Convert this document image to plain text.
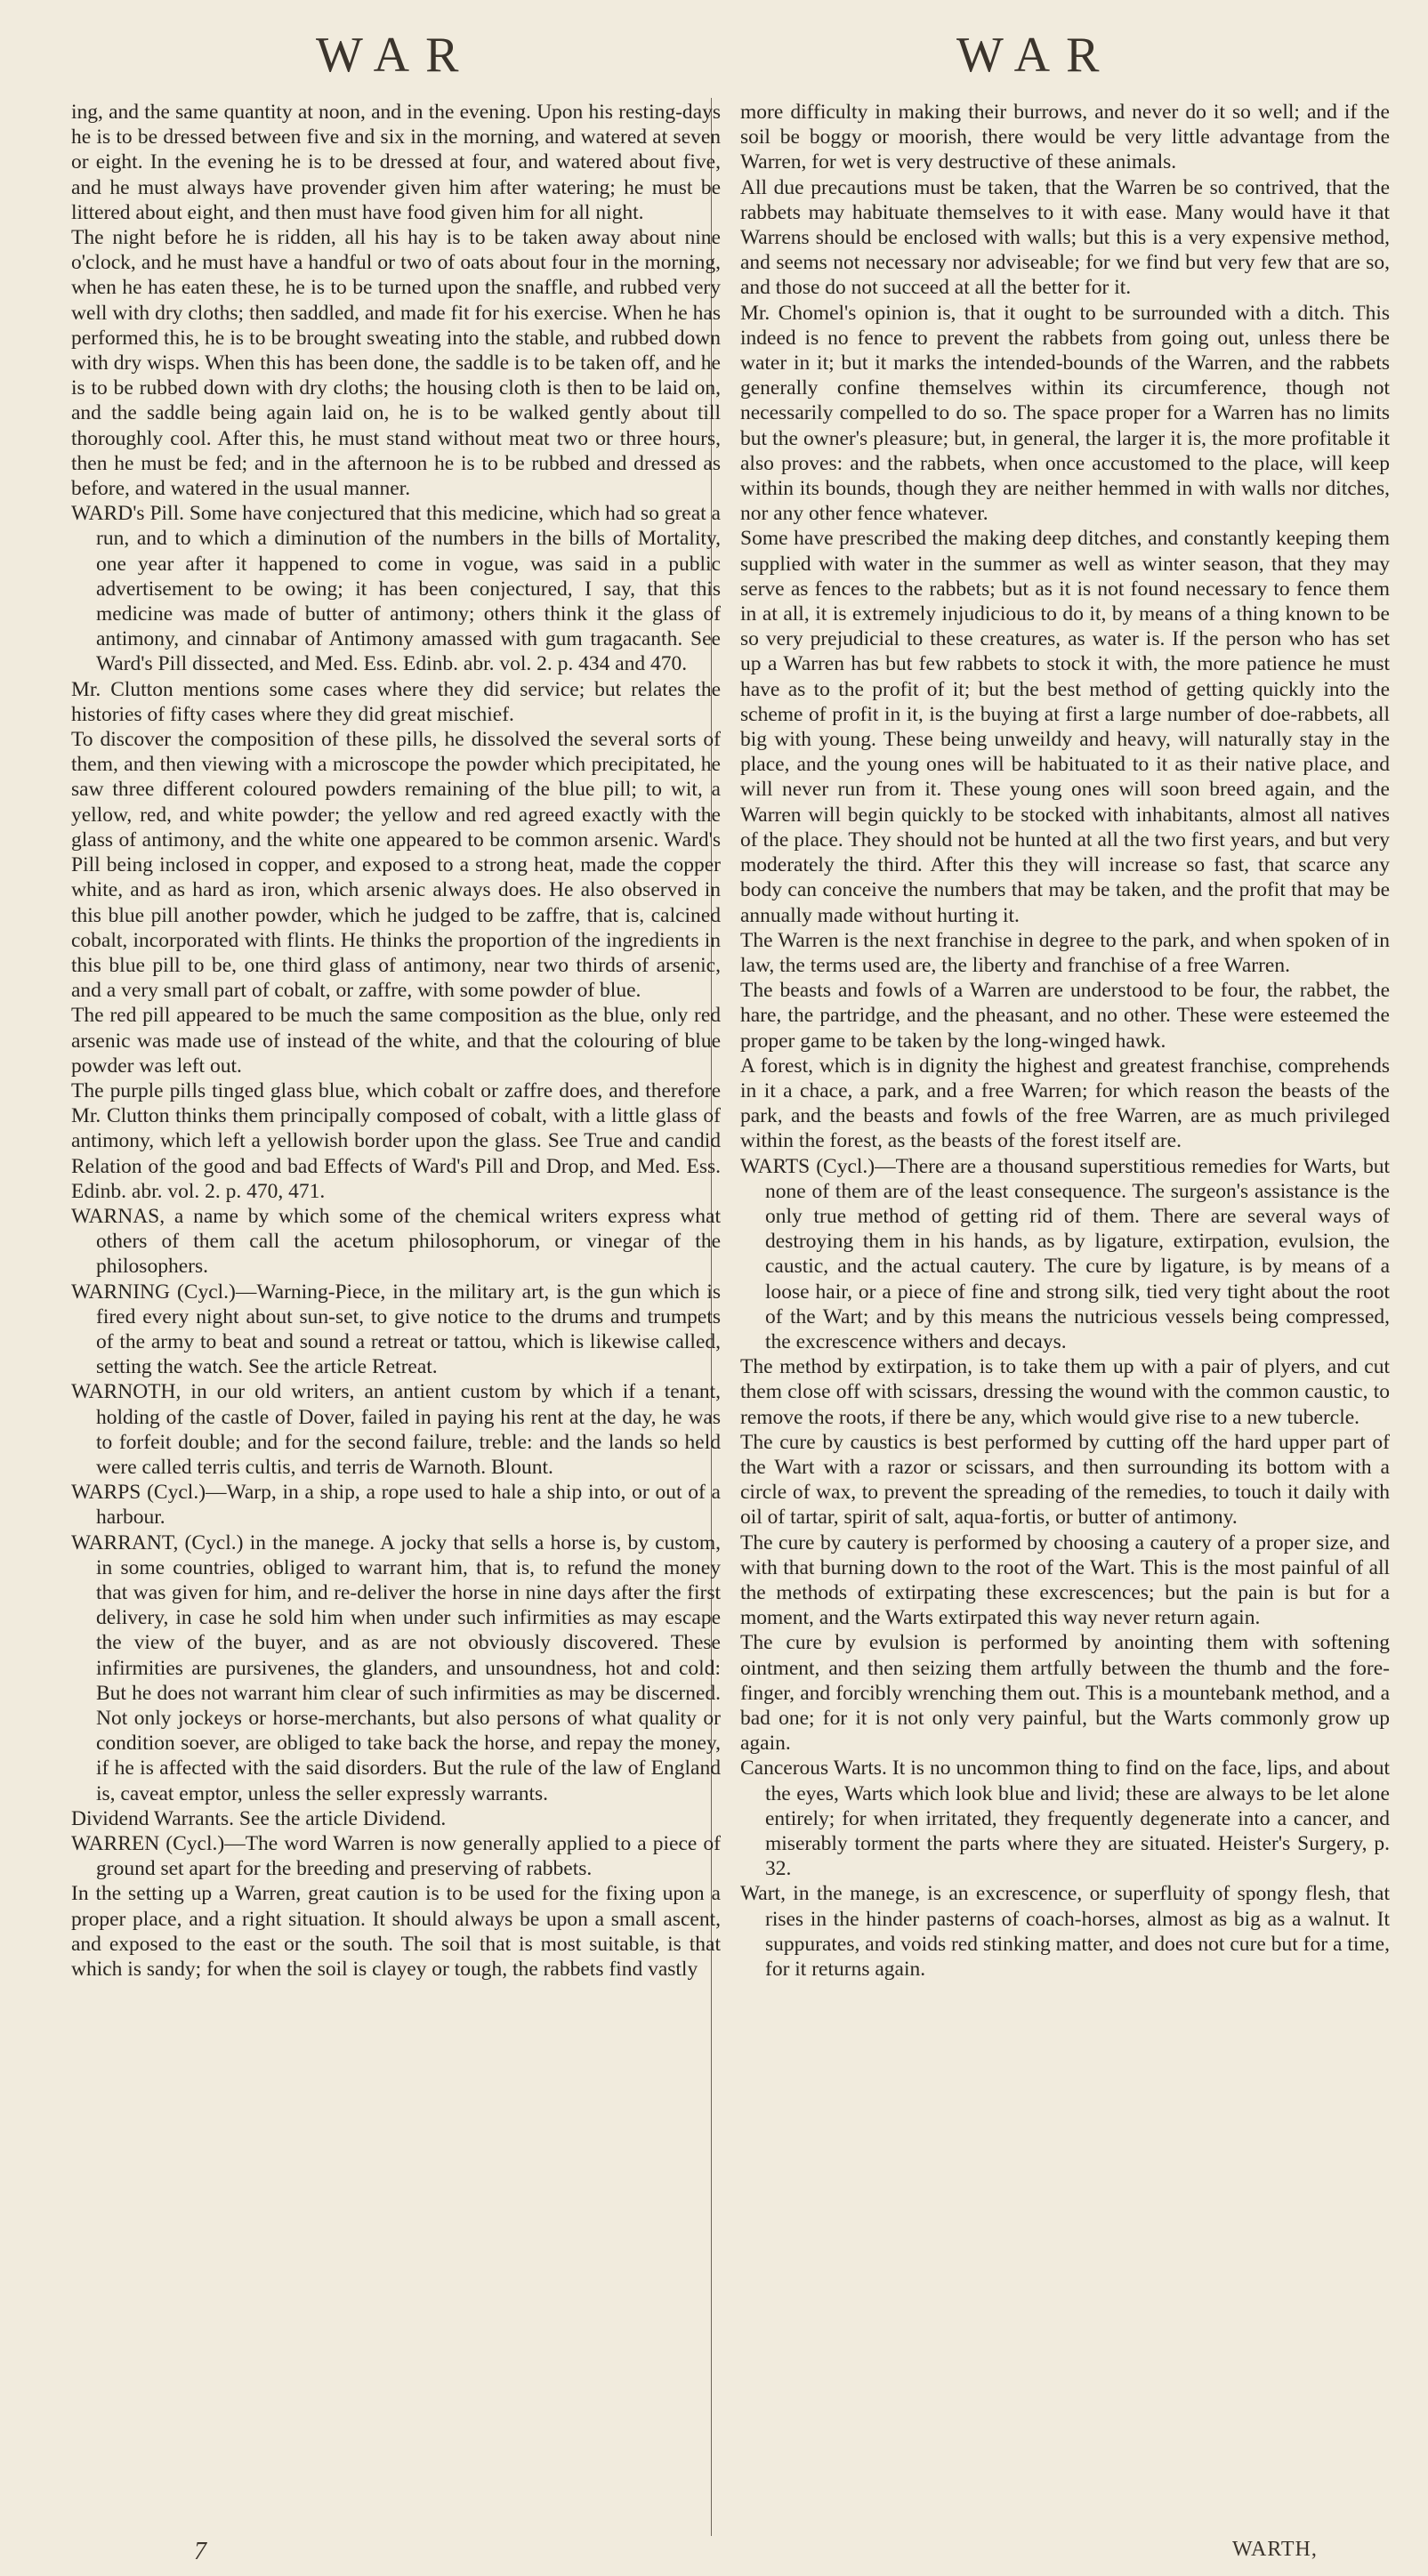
WAR	WAR

ing, and the same quantity at noon, and in the evening. Upon his resting-days he is to be dressed between five and six in the morning, and watered at seven or eight. In the evening he is to be dressed at four, and watered about five, and he must always have provender given him after watering; he must be littered about eight, and then must have food given him for all night.

The night before he is ridden, all his hay is to be taken away about nine o'clock, and he must have a handful or two of oats about four in the morning, when he has eaten these, he is to be turned upon the snaffle, and rubbed very well with dry cloths; then saddled, and made fit for his exercise. When he has performed this, he is to be brought sweating into the stable, and rubbed down with dry wisps. When this has been done, the saddle is to be taken off, and he is to be rubbed down with dry cloths; the housing cloth is then to be laid on, and the saddle being again laid on, he is to be walked gently about till thoroughly cool. After this, he must stand without meat two or three hours, then he must be fed; and in the afternoon he is to be rubbed and dressed as before, and watered in the usual manner.

WARD's Pill. Some have conjectured that this medicine, which had so great a run, and to which a diminution of the numbers in the bills of Mortality, one year after it happened to come in vogue, was said in a public advertisement to be owing; it has been conjectured, I say, that this medicine was made of butter of antimony; others think it the glass of antimony, and cinnabar of Antimony amassed with gum tragacanth. See Ward's Pill dissected, and Med. Ess. Edinb. abr. vol. 2. p. 434 and 470.

Mr. Clutton mentions some cases where they did service; but relates the histories of fifty cases where they did great mischief.

To discover the composition of these pills, he dissolved the several sorts of them, and then viewing with a microscope the powder which precipitated, he saw three different coloured powders remaining of the blue pill; to wit, a yellow, red, and white powder; the yellow and red agreed exactly with the glass of antimony, and the white one appeared to be common arsenic. Ward's Pill being inclosed in copper, and exposed to a strong heat, made the copper white, and as hard as iron, which arsenic always does. He also observed in this blue pill another powder, which he judged to be zaffre, that is, calcined cobalt, incorporated with flints. He thinks the proportion of the ingredients in this blue pill to be, one third glass of antimony, near two thirds of arsenic, and a very small part of cobalt, or zaffre, with some powder of blue.

The red pill appeared to be much the same composition as the blue, only red arsenic was made use of instead of the white, and that the colouring of blue powder was left out.

The purple pills tinged glass blue, which cobalt or zaffre does, and therefore Mr. Clutton thinks them principally composed of cobalt, with a little glass of antimony, which left a yellowish border upon the glass. See True and candid Relation of the good and bad Effects of Ward's Pill and Drop, and Med. Ess. Edinb. abr. vol. 2. p. 470, 471.

WARNAS, a name by which some of the chemical writers express what others of them call the acetum philosophorum, or vinegar of the philosophers.

WARNING (Cycl.)—Warning-Piece, in the military art, is the gun which is fired every night about sun-set, to give notice to the drums and trumpets of the army to beat and sound a retreat or tattou, which is likewise called, setting the watch. See the article Retreat.

WARNOTH, in our old writers, an antient custom by which if a tenant, holding of the castle of Dover, failed in paying his rent at the day, he was to forfeit double; and for the second failure, treble: and the lands so held were called terris cultis, and terris de Warnoth. Blount.

WARPS (Cycl.)—Warp, in a ship, a rope used to hale a ship into, or out of a harbour.

WARRANT, (Cycl.) in the manege. A jocky that sells a horse is, by custom, in some countries, obliged to warrant him, that is, to refund the money that was given for him, and re-deliver the horse in nine days after the first delivery, in case he sold him when under such infirmities as may escape the view of the buyer, and as are not obviously discovered. These infirmities are pursivenes, the glanders, and unsoundness, hot and cold: But he does not warrant him clear of such infirmities as may be discerned. Not only jockeys or horse-merchants, but also persons of what quality or condition soever, are obliged to take back the horse, and repay the money, if he is affected with the said disorders. But the rule of the law of England is, caveat emptor, unless the seller expressly warrants.

Dividend Warrants. See the article Dividend.

WARREN (Cycl.)—The word Warren is now generally applied to a piece of ground set apart for the breeding and preserving of rabbets.

In the setting up a Warren, great caution is to be used for the fixing upon a proper place, and a right situation. It should always be upon a small ascent, and exposed to the east or the south. The soil that is most suitable, is that which is sandy; for when the soil is clayey or tough, the rabbets find vastly

more difficulty in making their burrows, and never do it so well; and if the soil be boggy or moorish, there would be very little advantage from the Warren, for wet is very destructive of these animals.

All due precautions must be taken, that the Warren be so contrived, that the rabbets may habituate themselves to it with ease. Many would have it that Warrens should be enclosed with walls; but this is a very expensive method, and seems not necessary nor adviseable; for we find but very few that are so, and those do not succeed at all the better for it.

Mr. Chomel's opinion is, that it ought to be surrounded with a ditch. This indeed is no fence to prevent the rabbets from going out, unless there be water in it; but it marks the intended-bounds of the Warren, and the rabbets generally confine themselves within its circumference, though not necessarily compelled to do so. The space proper for a Warren has no limits but the owner's pleasure; but, in general, the larger it is, the more profitable it also proves: and the rabbets, when once accustomed to the place, will keep within its bounds, though they are neither hemmed in with walls nor ditches, nor any other fence whatever.

Some have prescribed the making deep ditches, and constantly keeping them supplied with water in the summer as well as winter season, that they may serve as fences to the rabbets; but as it is not found necessary to fence them in at all, it is extremely injudicious to do it, by means of a thing known to be so very prejudicial to these creatures, as water is. If the person who has set up a Warren has but few rabbets to stock it with, the more patience he must have as to the profit of it; but the best method of getting quickly into the scheme of profit in it, is the buying at first a large number of doe-rabbets, all big with young. These being unweildy and heavy, will naturally stay in the place, and the young ones will be habituated to it as their native place, and will never run from it. These young ones will soon breed again, and the Warren will begin quickly to be stocked with inhabitants, almost all natives of the place. They should not be hunted at all the two first years, and but very moderately the third. After this they will increase so fast, that scarce any body can conceive the numbers that may be taken, and the profit that may be annually made without hurting it.

The Warren is the next franchise in degree to the park, and when spoken of in law, the terms used are, the liberty and franchise of a free Warren.

The beasts and fowls of a Warren are understood to be four, the rabbet, the hare, the partridge, and the pheasant, and no other. These were esteemed the proper game to be taken by the long-winged hawk.

A forest, which is in dignity the highest and greatest franchise, comprehends in it a chace, a park, and a free Warren; for which reason the beasts of the park, and the beasts and fowls of the free Warren, are as much privileged within the forest, as the beasts of the forest itself are.

WARTS (Cycl.)—There are a thousand superstitious remedies for Warts, but none of them are of the least consequence. The surgeon's assistance is the only true method of getting rid of them. There are several ways of destroying them in his hands, as by ligature, extirpation, evulsion, the caustic, and the actual cautery. The cure by ligature, is by means of a loose hair, or a piece of fine and strong silk, tied very tight about the root of the Wart; and by this means the nutricious vessels being compressed, the excrescence withers and decays.

The method by extirpation, is to take them up with a pair of plyers, and cut them close off with scissars, dressing the wound with the common caustic, to remove the roots, if there be any, which would give rise to a new tubercle.

The cure by caustics is best performed by cutting off the hard upper part of the Wart with a razor or scissars, and then surrounding its bottom with a circle of wax, to prevent the spreading of the remedies, to touch it daily with oil of tartar, spirit of salt, aqua-fortis, or butter of antimony.

The cure by cautery is performed by choosing a cautery of a proper size, and with that burning down to the root of the Wart. This is the most painful of all the methods of extirpating these excrescences; but the pain is but for a moment, and the Warts extirpated this way never return again.

The cure by evulsion is performed by anointing them with softening ointment, and then seizing them artfully between the thumb and the fore-finger, and forcibly wrenching them out. This is a mountebank method, and a bad one; for it is not only very painful, but the Warts commonly grow up again.

Cancerous Warts. It is no uncommon thing to find on the face, lips, and about the eyes, Warts which look blue and livid; these are always to be let alone entirely; for when irritated, they frequently degenerate into a cancer, and miserably torment the parts where they are situated. Heister's Surgery, p. 32.

Wart, in the manege, is an excrescence, or superfluity of spongy flesh, that rises in the hinder pasterns of coach-horses, almost as big as a walnut. It suppurates, and voids red stinking matter, and does not cure but for a time, for it returns again.

7	WARTH,
